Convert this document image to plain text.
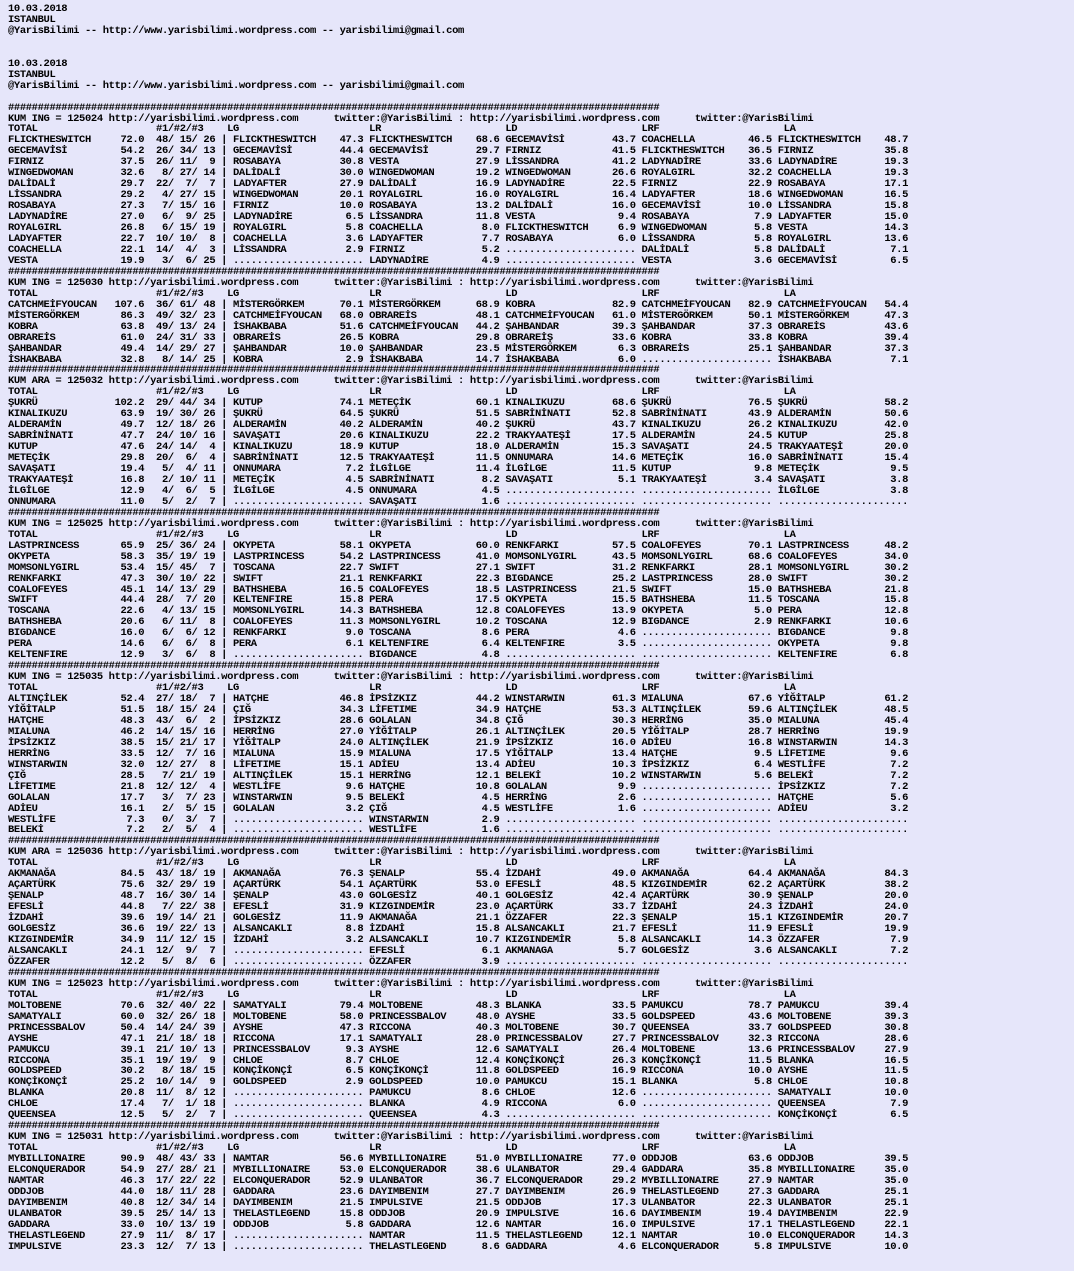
10.03.2018
ISTANBUL
@YarisBilimi -- http://www.yarisbilimi.wordpress.com -- yarisbilimi@gmail.com

10.03.2018
ISTANBUL
@YarisBilimi -- http://www.yarisbilimi.wordpress.com -- yarisbilimi@gmail.com

##############################################################################################################
KUM ING = 125024 http://yarisbilimi.wordpress.com      twitter:@YarisBilimi : http://yarisbilimi.wordpress.com      twitter:@YarisBilimi
TOTAL                    #1/#2/#3    LG                      LR                     LD                     LRF                     LA
FLICKTHESWITCH     72.0  48/ 15/ 26 | FLICKTHESWITCH    47.3 FLICKTHESWITCH    68.6 GECEMAVİSİ        43.7 COACHELLA         46.5 FLICKTHESWITCH    48.7
GECEMAVİSİ         54.2  26/ 34/ 13 | GECEMAVİSİ        44.4 GECEMAVİSİ        29.7 FIRNIZ            41.5 FLICKTHESWITCH    36.5 FIRNIZ            35.8
FIRNIZ             37.5  26/ 11/  9 | ROSABAYA          30.8 VESTA             27.9 LİSSANDRA         41.2 LADYNADİRE        33.6 LADYNADİRE        19.3
WINGEDWOMAN        32.6   8/ 27/ 14 | DALİDALİ          30.0 WINGEDWOMAN       19.2 WINGEDWOMAN       26.6 ROYALGIRL         32.2 COACHELLA         19.3
DALİDALİ           29.7  22/  7/  7 | LADYAFTER         27.9 DALİDALİ          16.9 LADYNADİRE        22.5 FIRNIZ            22.9 ROSABAYA          17.1
LİSSANDRA          29.2   4/ 27/ 15 | WINGEDWOMAN       20.1 ROYALGIRL         16.0 ROYALGIRL         16.4 LADYAFTER         18.6 WINGEDWOMAN       16.5
ROSABAYA           27.3   7/ 15/ 16 | FIRNIZ            10.0 ROSABAYA          13.2 DALİDALİ          16.0 GECEMAVİSİ        10.0 LİSSANDRA         15.8
LADYNADİRE         27.0   6/  9/ 25 | LADYNADİRE         6.5 LİSSANDRA         11.8 VESTA              9.4 ROSABAYA           7.9 LADYAFTER         15.0
ROYALGIRL          26.8   6/ 15/ 19 | ROYALGIRL          5.8 COACHELLA          8.0 FLICKTHESWITCH     6.9 WINGEDWOMAN        5.8 VESTA             14.3
LADYAFTER          22.7  10/ 10/  8 | COACHELLA          3.6 LADYAFTER          7.7 ROSABAYA           6.0 LİSSANDRA          5.8 ROYALGIRL         13.6
COACHELLA          22.1  14/  4/  3 | LİSSANDRA          2.9 FIRNIZ             5.2 ...................... DALİDALİ           5.8 DALİDALİ           7.1
VESTA              19.9   3/  6/ 25 | ...................... LADYNADİRE         4.9 ...................... VESTA              3.6 GECEMAVİSİ         6.5
##############################################################################################################
KUM ING = 125030 http://yarisbilimi.wordpress.com      twitter:@YarisBilimi : http://yarisbilimi.wordpress.com      twitter:@YarisBilimi
TOTAL                    #1/#2/#3    LG                      LR                     LD                     LRF                     LA
CATCHMEİFYOUCAN   107.6  36/ 61/ 48 | MİSTERGÖRKEM      70.1 MİSTERGÖRKEM      68.9 KOBRA             82.9 CATCHMEİFYOUCAN   82.9 CATCHMEİFYOUCAN   54.4
MİSTERGÖRKEM       86.3  49/ 32/ 23 | CATCHMEİFYOUCAN   68.0 OBRAREİS          48.1 CATCHMEİFYOUCAN   61.0 MİSTERGÖRKEM      50.1 MİSTERGÖRKEM      47.3
KOBRA              63.8  49/ 13/ 24 | İSHAKBABA         51.6 CATCHMEİFYOUCAN   44.2 ŞAHBANDAR         39.3 ŞAHBANDAR         37.3 OBRAREİS          43.6
OBRAREİS           61.0  24/ 31/ 33 | OBRAREİS          26.5 KOBRA             29.8 OBRAREİŞ          33.6 KOBRA             33.8 KOBRA             39.4
ŞAHBANDAR          49.4  14/ 29/ 27 | ŞAHBANDAR         10.0 ŞAHBANDAR         23.5 MİSTERGÖRKEM       6.3 OBRAREİS          25.1 ŞAHBANDAR         37.3
İSHAKBABA          32.8   8/ 14/ 25 | KOBRA              2.9 İSHAKBABA         14.7 İSHAKBABA          6.0 ...................... İSHAKBABA          7.1
##############################################################################################################
KUM ARA = 125032 http://yarisbilimi.wordpress.com      twitter:@YarisBilimi : http://yarisbilimi.wordpress.com      twitter:@YarisBilimi
TOTAL                    #1/#2/#3    LG                      LR                     LD                     LRF                     LA
ŞUKRÜ             102.2  29/ 44/ 34 | KUTUP             74.1 METEÇİK           60.1 KINALIKUZU        68.6 ŞUKRÜ             76.5 ŞUKRÜ             58.2
KINALIKUZU         63.9  19/ 30/ 26 | ŞUKRÜ             64.5 ŞUKRÜ             51.5 SABRİNİNATI       52.8 SABRİNİNATI       43.9 ALDERAMİN         50.6
ALDERAMİN          49.7  12/ 18/ 26 | ALDERAMİN         40.2 ALDERAMİN         40.2 ŞUKRÜ             43.7 KINALIKUZU        26.2 KINALIKUZU        42.0
SABRİNİNATI        47.7  24/ 10/ 16 | SAVAŞATI          20.6 KINALIKUZU        22.2 TRAKYAATEŞİ       17.5 ALDERAMİN         24.5 KUTUP             25.8
KUTUP              47.6  24/ 14/  4 | KINALIKUZU        18.9 KUTUP             18.0 ALDERAMİN         15.3 SAVAŞATI          24.5 TRAKYAATEŞİ       20.0
METEÇİK            29.8  20/  6/  4 | SABRİNİNATI       12.5 TRAKYAATEŞİ       11.5 ONNUMARA          14.6 METEÇİK           16.0 SABRİNİNATI       15.4
SAVAŞATI           19.4   5/  4/ 11 | ONNUMARA           7.2 İLGİLGE           11.4 İLGİLGE           11.5 KUTUP              9.8 METEÇİK            9.5
TRAKYAATEŞİ        16.8   2/ 10/ 11 | METEÇİK            4.5 SABRİNİNATI        8.2 SAVAŞATI           5.1 TRAKYAATEŞİ        3.4 SAVAŞATI           3.8
İLGİLGE            12.9   4/  6/  5 | İLGİLGE            4.5 ONNUMARA           4.5 ...................... ...................... İLGİLGE            3.8
ONNUMARA           11.0   5/  2/  7 | ...................... SAVAŞATI           1.6 ...................... ...................... ......................
##############################################################################################################
KUM ING = 125025 http://yarisbilimi.wordpress.com      twitter:@YarisBilimi : http://yarisbilimi.wordpress.com      twitter:@YarisBilimi
TOTAL                    #1/#2/#3    LG                      LR                     LD                     LRF                     LA
LASTPRINCESS       65.9  25/ 36/ 24 | OKYPETA           58.1 OKYPETA           60.0 RENKFARKI         57.5 COALOFEYES        70.1 LASTPRINCESS      48.2
OKYPETA            58.3  35/ 19/ 19 | LASTPRINCESS      54.2 LASTPRINCESS      41.0 MOMSONLYGIRL      43.5 MOMSONLYGIRL      68.6 COALOFEYES        34.0
MOMSONLYGIRL       53.4  15/ 45/  7 | TOSCANA           22.7 SWIFT             27.1 SWIFT             31.2 RENKFARKI         28.1 MOMSONLYGIRL      30.2
RENKFARKI          47.3  30/ 10/ 22 | SWIFT             21.1 RENKFARKI         22.3 BIGDANCE          25.2 LASTPRINCESS      28.0 SWIFT             30.2
COALOFEYES         45.1  14/ 13/ 29 | BATHSHEBA         16.5 COALOFEYES        18.5 LASTPRINCESS      21.5 SWIFT             15.0 BATHSHEBA         21.8
SWIFT              44.4  28/  7/ 20 | KELTENFIRE        15.8 PERA              17.5 OKYPETA           15.5 BATHSHEBA         11.5 TOSCANA           15.8
TOSCANA            22.6   4/ 13/ 15 | MOMSONLYGIRL      14.3 BATHSHEBA         12.8 COALOFEYES        13.9 OKYPETA            5.0 PERA              12.8
BATHSHEBA          20.6   6/ 11/  8 | COALOFEYES        11.3 MOMSONLYGIRL      10.2 TOSCANA           12.9 BIGDANCE           2.9 RENKFARKI         10.6
BIGDANCE           16.0   6/  6/ 12 | RENKFARKI          9.0 TOSCANA            8.6 PERA               4.6 ...................... BIGDANCE           9.8
PERA               14.6   6/  6/  8 | PERA               6.1 KELTENFIRE         6.4 KELTENFIRE         3.5 ...................... OKYPETA            9.8
KELTENFIRE         12.9   3/  6/  8 | ...................... BIGDANCE           4.8 ...................... ...................... KELTENFIRE         6.8
##############################################################################################################
KUM ING = 125035 http://yarisbilimi.wordpress.com      twitter:@YarisBilimi : http://yarisbilimi.wordpress.com      twitter:@YarisBilimi
TOTAL                    #1/#2/#3    LG                      LR                     LD                     LRF                     LA
ALTINÇİLEK         52.4  27/ 18/  7 | HATÇHE            46.8 İPSİZKIZ          44.2 WINSTARWIN        61.3 MIALUNA           67.6 YİĞİTALP          61.2
YİĞİTALP           51.5  18/ 15/ 24 | ÇIĞ               34.3 LİFETIME          34.9 HATÇHE            53.3 ALTINÇİLEK        59.6 ALTINÇİLEK        48.5
HATÇHE             48.3  43/  6/  2 | İPSİZKIZ          28.6 GOLALAN           34.8 ÇIĞ               30.3 HERRİNG           35.0 MIALUNA           45.4
MIALUNA            46.2  14/ 15/ 16 | HERRİNG           27.0 YİĞİTALP          26.1 ALTINÇİLEK        20.5 YİĞİTALP          28.7 HERRİNG           19.9
İPSİZKIZ           38.5  15/ 21/ 17 | YİĞİTALP          24.0 ALTINÇİLEK        21.9 İPSİZKIZ          16.0 ADİEU             16.8 WINSTARWIN        14.3
HERRİNG            33.5  12/  7/ 16 | MIALUNA           15.9 MIALUNA           17.5 YİĞİTALP          13.4 HATÇHE             9.5 LİFETIME           9.6
WINSTARWIN         32.0  12/ 27/  8 | LİFETIME          15.1 ADİEU             13.4 ADİEU             10.3 İPSİZKIZ           6.4 WESTLİFE           7.2
ÇIĞ                28.5   7/ 21/ 19 | ALTINÇİLEK        15.1 HERRİNG           12.1 BELEKİ            10.2 WINSTARWIN         5.6 BELEKİ             7.2
LİFETIME           21.8  12/ 12/  4 | WESTLİFE           9.6 HATÇHE            10.8 GOLALAN            9.9 ...................... İPSİZKIZ           7.2
GOLALAN            17.7   3/  7/ 23 | WINSTARWIN         9.5 BELEKİ             4.5 HERRİNG            2.6 ...................... HATÇHE             5.6
ADİEU              16.1   2/  5/ 15 | GOLALAN            3.2 ÇIĞ                4.5 WESTLİFE           1.6 ...................... ADİEU              3.2
WESTLİFE            7.3   0/  3/  7 | ...................... WINSTARWIN         2.9 ...................... ...................... ......................
BELEKİ              7.2   2/  5/  4 | ...................... WESTLİFE           1.6 ...................... ...................... ......................
##############################################################################################################
KUM ARA = 125036 http://yarisbilimi.wordpress.com      twitter:@YarisBilimi : http://yarisbilimi.wordpress.com      twitter:@YarisBilimi
TOTAL                    #1/#2/#3    LG                      LR                     LD                     LRF                     LA
AKMANAĞA           84.5  43/ 18/ 19 | AKMANAĞA          76.3 ŞENALP            55.4 İZDAHİ            49.0 AKMANAĞA          64.4 AKMANAĞA          84.3
AÇARTÜRK           75.6  32/ 29/ 19 | AÇARTÜRK          54.1 AÇARTÜRK          53.0 EFESLİ            48.5 KIZGINDEMİR       62.2 AÇARTÜRK          38.2
ŞENALP             48.7  16/ 30/ 14 | ŞENALP            43.0 GOLGESİZ          40.1 GOLGESİZ          42.4 AÇARTÜRK          30.9 ŞENALP            20.0
EFESLİ             44.8   7/ 22/ 38 | EFESLİ            31.9 KIZGINDEMİR       23.0 AÇARTÜRK          33.7 İZDAHİ            24.3 İZDAHİ            24.0
İZDAHİ             39.6  19/ 14/ 21 | GOLGESİZ          11.9 AKMANAĞA          21.1 ÖZZAFER           22.3 ŞENALP            15.1 KIZGINDEMİR       20.7
GOLGESİZ           36.6  19/ 22/ 13 | ALSANCAKLI         8.8 İZDAHİ            15.8 ALSANCAKLI        21.7 EFESLİ            11.9 EFESLİ            19.9
KIZGINDEMİR        34.9  11/ 12/ 15 | İZDAHİ             3.2 ALSANCAKLI        10.7 KIZGINDEMİR        5.8 ALSANCAKLI        14.3 ÖZZAFER            7.9
ALSANCAKLI         24.1  12/  9/  7 | ...................... EFESLİ             6.1 AKMANAGA           5.7 GOLGESİZ           3.6 ALSANCAKLI         7.2
ÖZZAFER            12.2   5/  8/  6 | ...................... ÖZZAFER            3.9 ...................... ...................... ......................
##############################################################################################################
KUM ING = 125023 http://yarisbilimi.wordpress.com      twitter:@YarisBilimi : http://yarisbilimi.wordpress.com      twitter:@YarisBilimi
TOTAL                    #1/#2/#3    LG                      LR                     LD                     LRF                     LA
MOLTOBENE          70.6  32/ 40/ 22 | SAMATYALI         79.4 MOLTOBENE         48.3 BLANKA            33.5 PAMUKCU           78.7 PAMUKCU           39.4
SAMATYALI          60.0  32/ 26/ 18 | MOLTOBENE         58.0 PRINCESSBALOV     48.0 AYSHE             33.5 GOLDSPEED         43.6 MOLTOBENE         39.3
PRINCESSBALOV      50.4  14/ 24/ 39 | AYSHE             47.3 RICCONA           40.3 MOLTOBENE         30.7 QUEENSEA          33.7 GOLDSPEED         30.8
AYSHE              47.1  21/ 18/ 18 | RICCONA           17.1 SAMATYALI         28.0 PRINCESSBALOV     27.7 PRINCESSBALOV     32.3 RICCONA           28.6
PAMUKCU            39.1  21/ 10/ 13 | PRINCESSBALOV      9.3 AYSHE             12.6 SAMATYALI         26.4 MOLTOBENE         13.6 PRINCESSBALOV     27.9
RICCONA            35.1  19/ 19/  9 | CHLOE              8.7 CHLOE             12.4 KONÇİKONÇİ        26.3 KONÇİKONÇİ        11.5 BLANKA            16.5
GOLDSPEED          30.2   8/ 18/ 15 | KONÇİKONÇİ         6.5 KONÇİKONÇİ        11.8 GOLDSPEED         16.9 RICCONA           10.0 AYSHE             11.5
KONÇİKONÇİ         25.2  10/ 14/  9 | GOLDSPEED          2.9 GOLDSPEED         10.0 PAMUKCU           15.1 BLANKA             5.8 CHLOE             10.8
BLANKA             20.8  11/  8/ 12 | ...................... PAMUKCU            8.6 CHLOE             12.6 ...................... SAMATYALI         10.0
CHLOE              17.4   7/  1/ 18 | ...................... BLANKA             4.9 RICCONA            6.0 ...................... QUEENSEA           7.9
QUEENSEA           12.5   5/  2/  7 | ...................... QUEENSEA           4.3 ...................... ...................... KONÇİKONÇİ         6.5
##############################################################################################################
KUM ING = 125031 http://yarisbilimi.wordpress.com      twitter:@YarisBilimi : http://yarisbilimi.wordpress.com      twitter:@YarisBilimi
TOTAL                    #1/#2/#3    LG                      LR                     LD                     LRF                     LA
MYBILLIONAIRE      90.9  48/ 43/ 33 | NAMTAR            56.6 MYBILLIONAIRE     51.0 MYBILLIONAIRE     77.0 ODDJOB            63.6 ODDJOB            39.5
ELCONQUERADOR      54.9  27/ 28/ 21 | MYBILLIONAIRE     53.0 ELCONQUERADOR     38.6 ULANBATOR         29.4 GADDARA           35.8 MYBILLIONAIRE     35.0
NAMTAR             46.3  17/ 22/ 22 | ELCONQUERADOR     52.9 ULANBATOR         36.7 ELCONQUERADOR     29.2 MYBILLIONAIRE     27.9 NAMTAR            35.0
ODDJOB             44.0  18/ 11/ 28 | GADDARA           23.6 DAYIMBENIM        27.7 DAYIMBENIM        26.9 THELASTLEGEND     27.3 GADDARA           25.1
DAYIMBENIM         40.8  12/ 34/ 14 | DAYIMBENIM        21.5 IMPULSIVE         21.5 ODDJOB            17.3 ULANBATOR         22.3 ULANBATOR         25.1
ULANBATOR          39.5  25/ 14/ 13 | THELASTLEGEND     15.8 ODDJOB            20.9 IMPULSIVE         16.6 DAYIMBENIM        19.4 DAYIMBENIM        22.9
GADDARA            33.0  10/ 13/ 19 | ODDJOB             5.8 GADDARA           12.6 NAMTAR            16.0 IMPULSIVE         17.1 THELASTLEGEND     22.1
THELASTLEGEND      27.9  11/  8/ 17 | ...................... NAMTAR            11.5 THELASTLEGEND     12.1 NAMTAR            10.0 ELCONQUERADOR     14.3
IMPULSIVE          23.3  12/  7/ 13 | ...................... THELASTLEGEND      8.6 GADDARA            4.6 ELCONQUERADOR      5.8 IMPULSIVE         10.0
